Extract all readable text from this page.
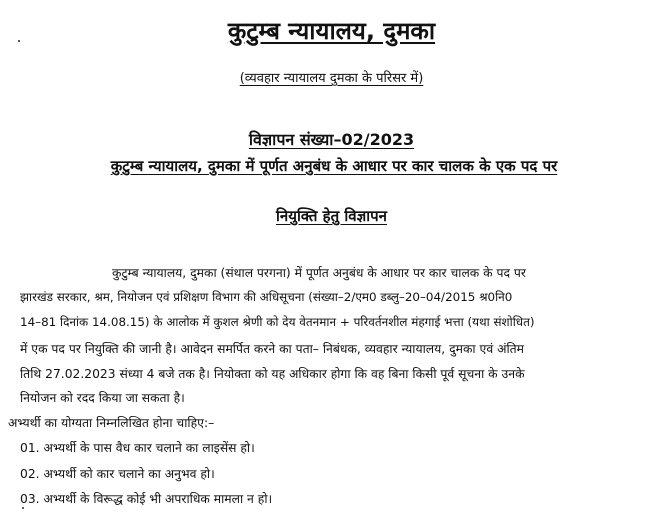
कुटुम्ब न्यायालय, दुमका
(व्यवहार न्यायालय दुमका के परिसर में)
विज्ञापन संख्या–02/2023
कुटुम्ब न्यायालय, दुमका में पूर्णत अनुबंध के आधार पर कार चालक के एक पद पर
नियुक्ति हेतु विज्ञापन
कुटुम्ब न्यायालय, दुमका (संथाल परगना) में पूर्णत अनुबंध के आधार पर कार चालक के पद पर
झारखंड सरकार, श्रम, नियोजन एवं प्रशिक्षण विभाग की अधिसूचना (संख्या–2/एम0 डब्लु–20–04/2015 श्र0नि0
14–81 दिनांक 14.08.15) के आलोक में कुशल श्रेणी को देय वेतनमान + परिवर्तनशील मंहगाई भत्ता (यथा संशोधित)
में एक पद पर नियुक्ति की जानी है। आवेदन समर्पित करने का पता– निबंधक, व्यवहार न्यायालय, दुमका एवं अंतिम
तिथि 27.02.2023 संध्या 4 बजे तक है। नियोक्ता को यह अधिकार होगा कि वह बिना किसी पूर्व सूचना के उनके
नियोजन को रदद किया जा सकता है।
अभ्यर्थी का योग्यता निम्नलिखित होना चाहिए:–
01. अभ्यर्थी के पास वैध कार चलाने का लाइसेंस हो।
02. अभ्यर्थी को कार चलाने का अनुभव हो।
03. अभ्यर्थी के विरूद्ध कोई भी अपराधिक मामला न हो।
